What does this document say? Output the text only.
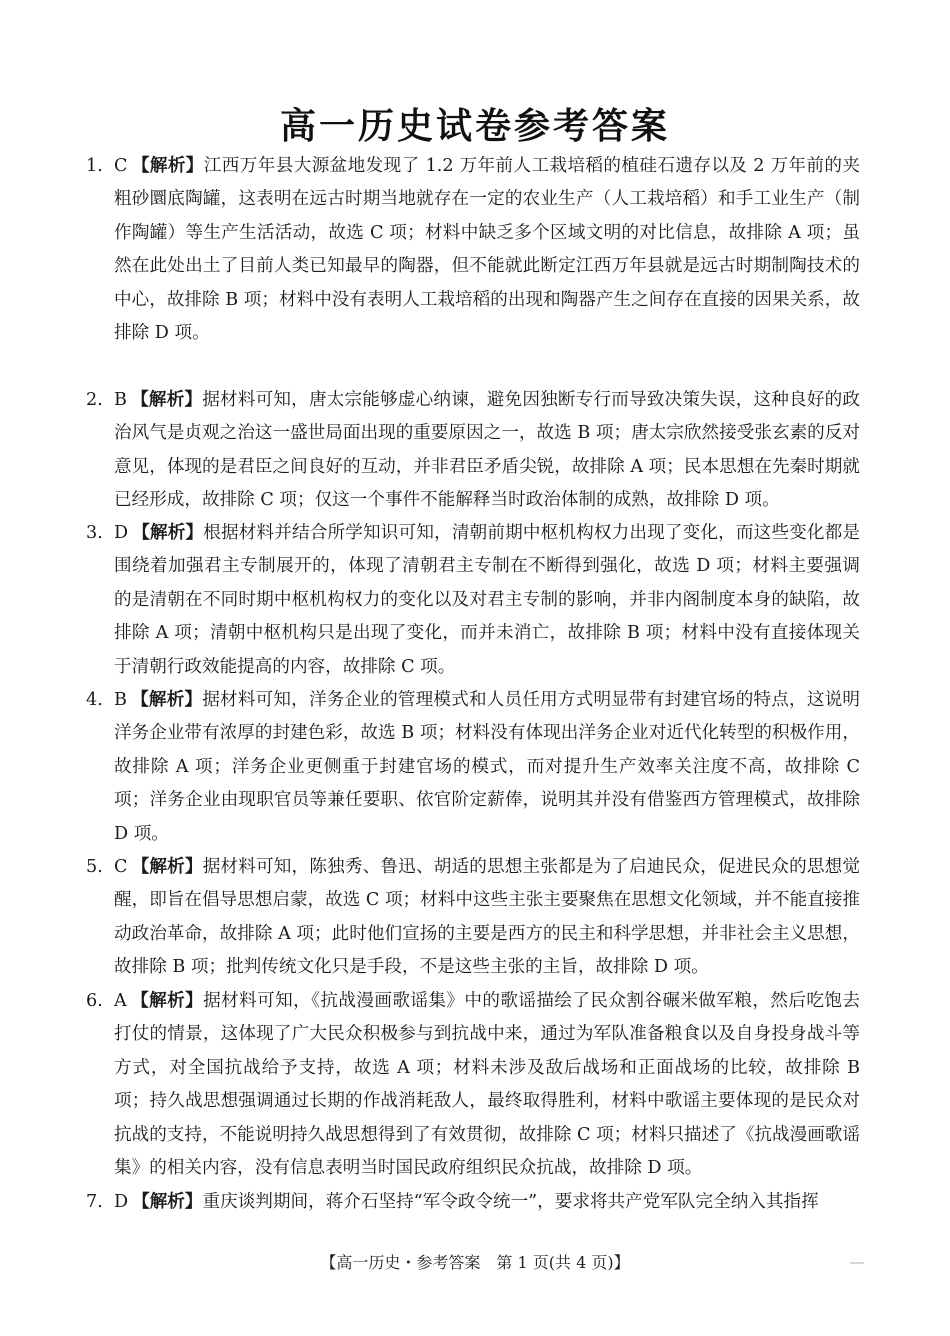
高一历史试卷参考答案

1. C 【解析】江西万年县大源盆地发现了 1.2 万年前人工栽培稻的植硅石遗存以及 2 万年前的夹粗砂圜底陶罐，这表明在远古时期当地就存在一定的农业生产（人工栽培稻）和手工业生产（制作陶罐）等生产生活活动，故选 C 项；材料中缺乏多个区域文明的对比信息，故排除 A 项；虽然在此处出土了目前人类已知最早的陶器，但不能就此断定江西万年县就是远古时期制陶技术的中心，故排除 B 项；材料中没有表明人工栽培稻的出现和陶器产生之间存在直接的因果关系，故排除 D 项。

2. B 【解析】据材料可知，唐太宗能够虚心纳谏，避免因独断专行而导致决策失误，这种良好的政治风气是贞观之治这一盛世局面出现的重要原因之一，故选 B 项；唐太宗欣然接受张玄素的反对意见，体现的是君臣之间良好的互动，并非君臣矛盾尖锐，故排除 A 项；民本思想在先秦时期就已经形成，故排除 C 项；仅这一个事件不能解释当时政治体制的成熟，故排除 D 项。

3. D 【解析】根据材料并结合所学知识可知，清朝前期中枢机构权力出现了变化，而这些变化都是围绕着加强君主专制展开的，体现了清朝君主专制在不断得到强化，故选 D 项；材料主要强调的是清朝在不同时期中枢机构权力的变化以及对君主专制的影响，并非内阁制度本身的缺陷，故排除 A 项；清朝中枢机构只是出现了变化，而并未消亡，故排除 B 项；材料中没有直接体现关于清朝行政效能提高的内容，故排除 C 项。

4. B 【解析】据材料可知，洋务企业的管理模式和人员任用方式明显带有封建官场的特点，这说明洋务企业带有浓厚的封建色彩，故选 B 项；材料没有体现出洋务企业对近代化转型的积极作用，故排除 A 项；洋务企业更侧重于封建官场的模式，而对提升生产效率关注度不高，故排除 C 项；洋务企业由现职官员等兼任要职、依官阶定薪俸，说明其并没有借鉴西方管理模式，故排除 D 项。

5. C 【解析】据材料可知，陈独秀、鲁迅、胡适的思想主张都是为了启迪民众，促进民众的思想觉醒，即旨在倡导思想启蒙，故选 C 项；材料中这些主张主要聚焦在思想文化领域，并不能直接推动政治革命，故排除 A 项；此时他们宣扬的主要是西方的民主和科学思想，并非社会主义思想，故排除 B 项；批判传统文化只是手段，不是这些主张的主旨，故排除 D 项。

6. A 【解析】据材料可知，《抗战漫画歌谣集》中的歌谣描绘了民众割谷碾米做军粮，然后吃饱去打仗的情景，这体现了广大民众积极参与到抗战中来，通过为军队准备粮食以及自身投身战斗等方式，对全国抗战给予支持，故选 A 项；材料未涉及敌后战场和正面战场的比较，故排除 B 项；持久战思想强调通过长期的作战消耗敌人，最终取得胜利，材料中歌谣主要体现的是民众对抗战的支持，不能说明持久战思想得到了有效贯彻，故排除 C 项；材料只描述了《抗战漫画歌谣集》的相关内容，没有信息表明当时国民政府组织民众抗战，故排除 D 项。

7. D 【解析】重庆谈判期间，蒋介石坚持“军令政令统一”，要求将共产党军队完全纳入其指挥

【高一历史・参考答案　第 1 页(共 4 页)】
